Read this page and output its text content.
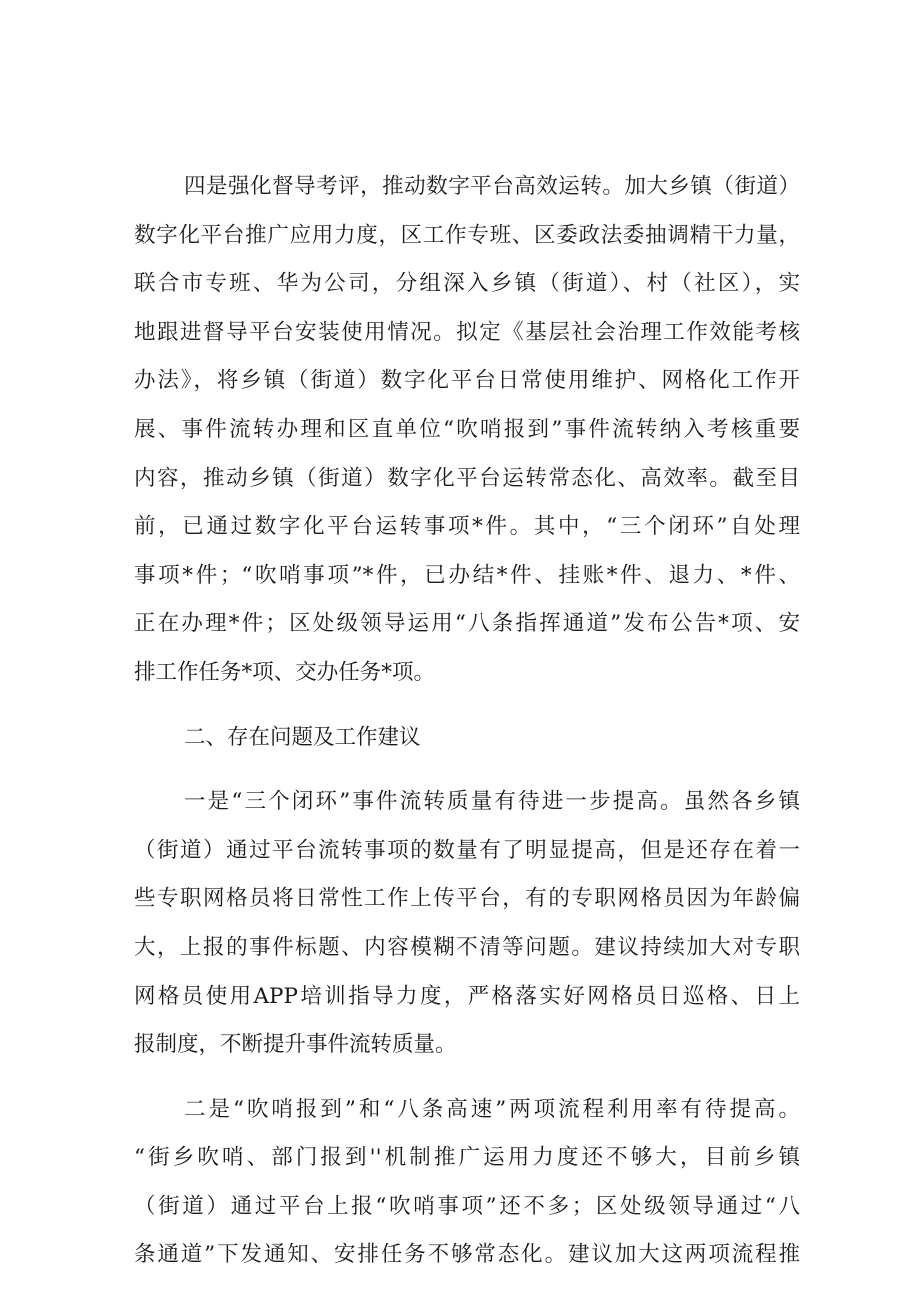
四是强化督导考评，推动数字平台高效运转。加大乡镇（街道）
数字化平台推广应用力度，区工作专班、区委政法委抽调精干力量，
联合市专班、华为公司，分组深入乡镇（街道）、村（社区），实
地跟进督导平台安装使用情况。拟定《基层社会治理工作效能考核
办法》，将乡镇（街道）数字化平台日常使用维护、网格化工作开
展、事件流转办理和区直单位“吹哨报到”事件流转纳入考核重要
内容，推动乡镇（街道）数字化平台运转常态化、高效率。截至目
前，已通过数字化平台运转事项*件。其中，“三个闭环”自处理
事项*件；“吹哨事项”*件，已办结*件、挂账*件、退力、*件、
正在办理*件；区处级领导运用“八条指挥通道”发布公告*项、安
排工作任务*项、交办任务*项。
二、存在问题及工作建议
一是“三个闭环”事件流转质量有待进一步提高。虽然各乡镇
（街道）通过平台流转事项的数量有了明显提高，但是还存在着一
些专职网格员将日常性工作上传平台，有的专职网格员因为年龄偏
大，上报的事件标题、内容模糊不清等问题。建议持续加大对专职
网格员使用APP培训指导力度，严格落实好网格员日巡格、日上
报制度，不断提升事件流转质量。
二是“吹哨报到”和“八条高速”两项流程利用率有待提高。
“街乡吹哨、部门报到''机制推广运用力度还不够大，目前乡镇
（街道）通过平台上报“吹哨事项”还不多；区处级领导通过“八
条通道”下发通知、安排任务不够常态化。建议加大这两项流程推
